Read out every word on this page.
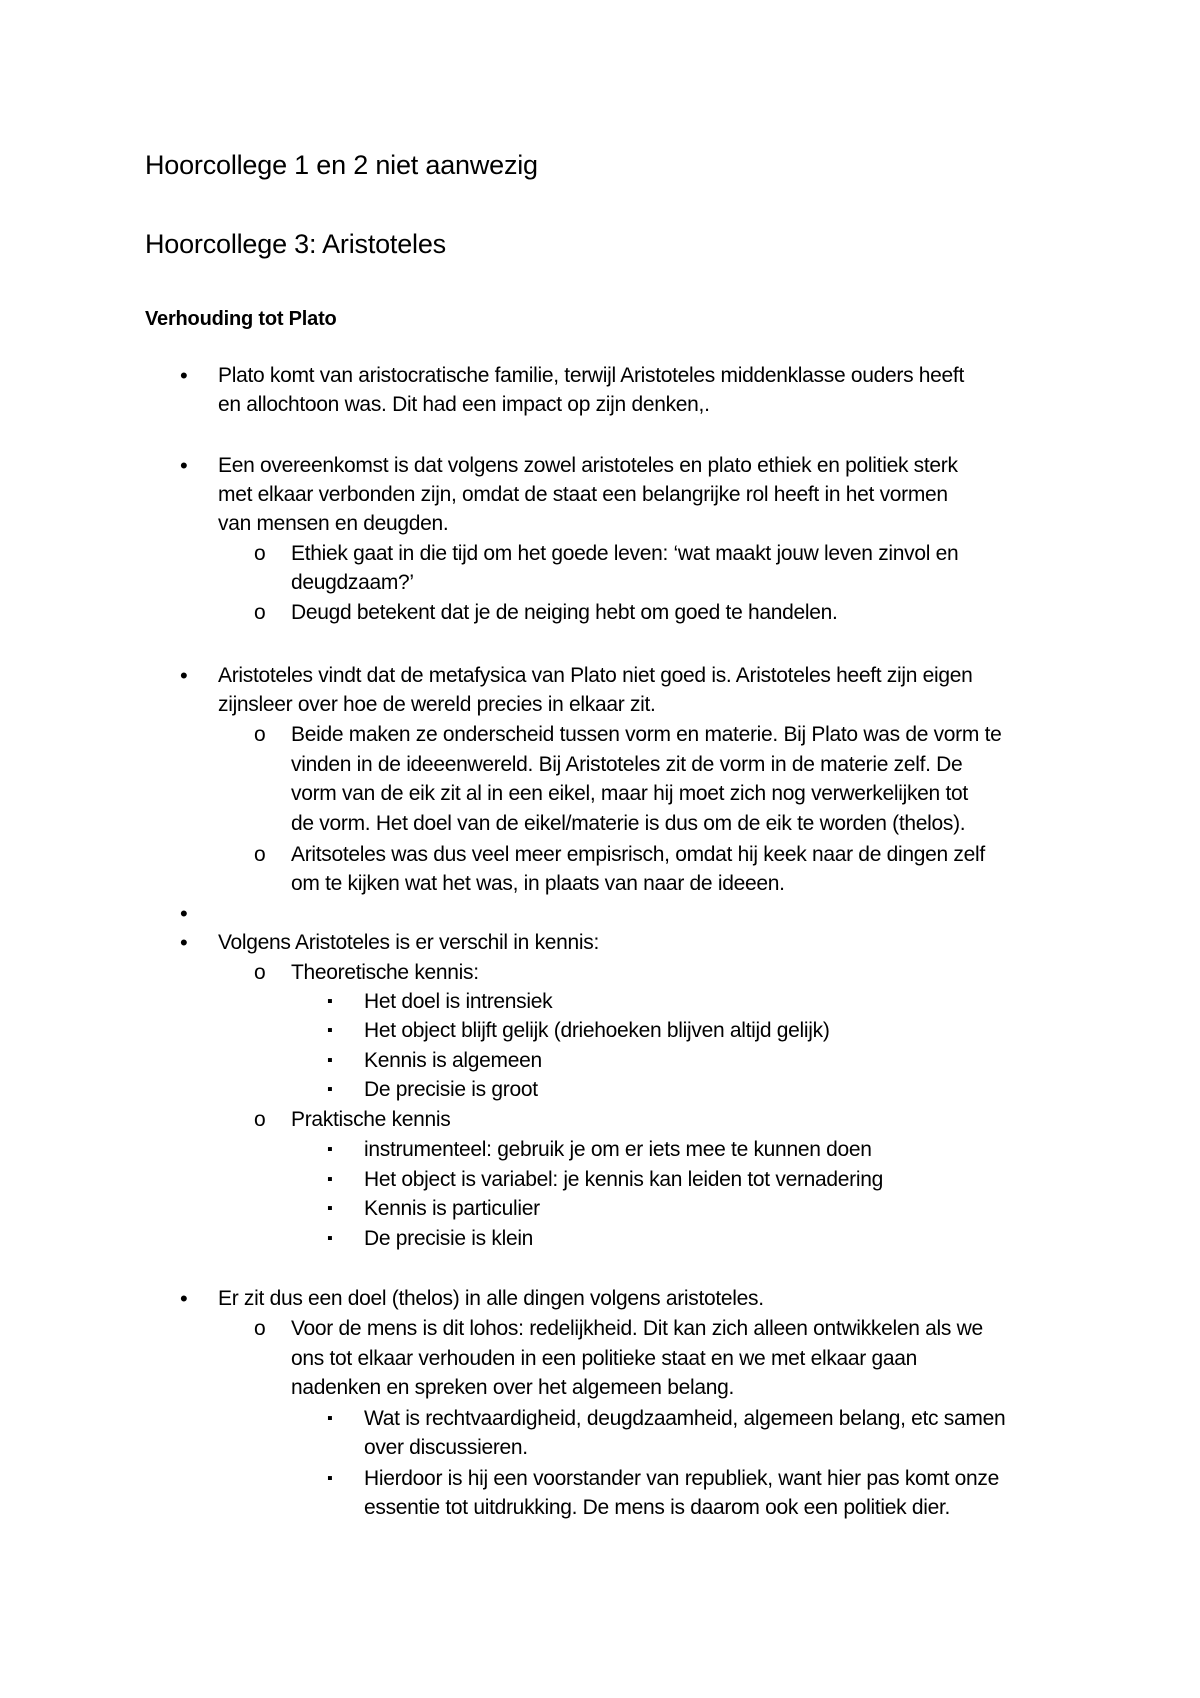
Hoorcollege 1 en 2 niet aanwezig
Hoorcollege 3: Aristoteles
Verhouding tot Plato
• Plato komt van aristocratische familie, terwijl Aristoteles middenklasse ouders heeft
en allochtoon was. Dit had een impact op zijn denken,.
• Een overeenkomst is dat volgens zowel aristoteles en plato ethiek en politiek sterk
met elkaar verbonden zijn, omdat de staat een belangrijke rol heeft in het vormen
van mensen en deugden.
o Ethiek gaat in die tijd om het goede leven: ‘wat maakt jouw leven zinvol en
deugdzaam?’
o Deugd betekent dat je de neiging hebt om goed te handelen.
• Aristoteles vindt dat de metafysica van Plato niet goed is. Aristoteles heeft zijn eigen
zijnsleer over hoe de wereld precies in elkaar zit.
o Beide maken ze onderscheid tussen vorm en materie. Bij Plato was de vorm te
vinden in de ideeenwereld. Bij Aristoteles zit de vorm in de materie zelf. De
vorm van de eik zit al in een eikel, maar hij moet zich nog verwerkelijken tot
de vorm. Het doel van de eikel/materie is dus om de eik te worden (thelos).
o Aritsoteles was dus veel meer empisrisch, omdat hij keek naar de dingen zelf
om te kijken wat het was, in plaats van naar de ideeen.
•
• Volgens Aristoteles is er verschil in kennis:
o Theoretische kennis:
▪ Het doel is intrensiek
▪ Het object blijft gelijk (driehoeken blijven altijd gelijk)
▪ Kennis is algemeen
▪ De precisie is groot
o Praktische kennis
▪ instrumenteel: gebruik je om er iets mee te kunnen doen
▪ Het object is variabel: je kennis kan leiden tot vernadering
▪ Kennis is particulier
▪ De precisie is klein
• Er zit dus een doel (thelos) in alle dingen volgens aristoteles.
o Voor de mens is dit lohos: redelijkheid. Dit kan zich alleen ontwikkelen als we
ons tot elkaar verhouden in een politieke staat en we met elkaar gaan
nadenken en spreken over het algemeen belang.
▪ Wat is rechtvaardigheid, deugdzaamheid, algemeen belang, etc samen
over discussieren.
▪ Hierdoor is hij een voorstander van republiek, want hier pas komt onze
essentie tot uitdrukking. De mens is daarom ook een politiek dier.
